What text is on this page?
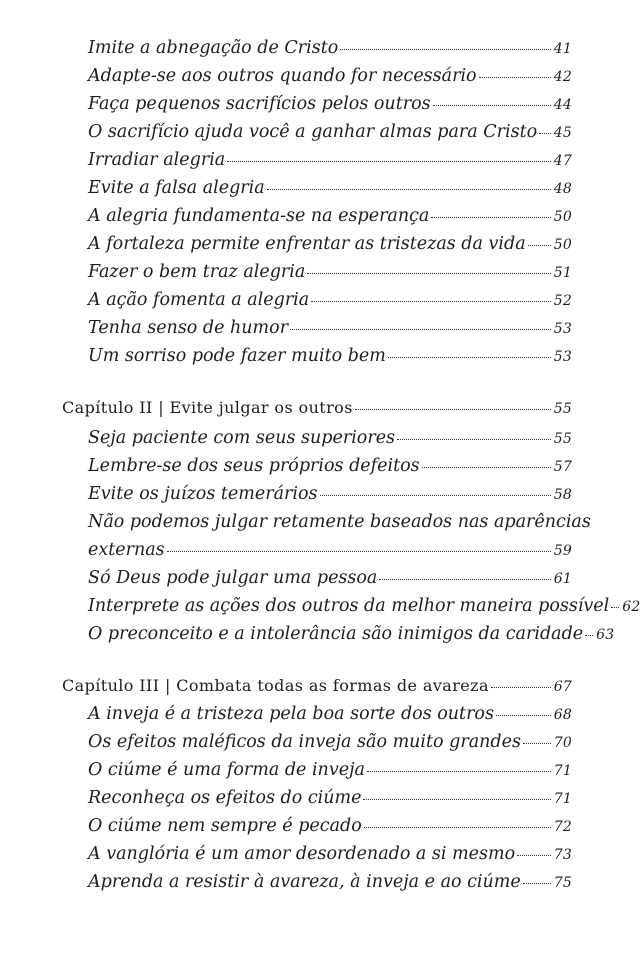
Imite a abnegação de Cristo	41
Adapte-se aos outros quando for necessário	42
Faça pequenos sacrifícios pelos outros	44
O sacrifício ajuda você a ganhar almas para Cristo 45
Irradiar alegria	47
Evite a falsa alegria	48
A alegria fundamenta-se na esperança	50
A fortaleza permite enfrentar as tristezas da vida 50
Fazer o bem traz alegria	51
A ação fomenta a alegria	52
Tenha senso de humor	53
Um sorriso pode fazer muito bem	53
Capítulo II | Evite julgar os outros	55
Seja paciente com seus superiores	55
Lembre-se dos seus próprios defeitos	57
Evite os juízos temerários	58
Não podemos julgar retamente baseados nas aparências
externas	59
Só Deus pode julgar uma pessoa	61
Interprete as ações dos outros da melhor maneira possível 62
O preconceito e a intolerância são inimigos da caridade 63
Capítulo III | Combata todas as formas de avareza	67
A inveja é a tristeza pela boa sorte dos outros	68
Os efeitos maléficos da inveja são muito grandes 70
O ciúme é uma forma de inveja	71
Reconheça os efeitos do ciúme	71
O ciúme nem sempre é pecado	72
A vanglória é um amor desordenado a si mesmo	73
Aprenda a resistir à avareza, à inveja e ao ciúme 75
